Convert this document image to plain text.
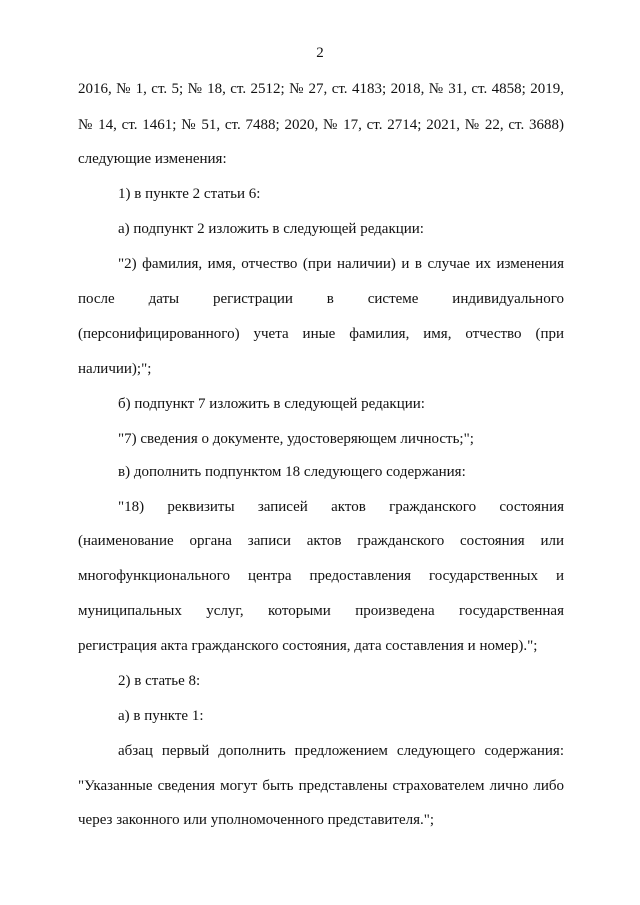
2
2016, № 1, ст. 5; № 18, ст. 2512; № 27, ст. 4183; 2018, № 31, ст. 4858; 2019,
№ 14, ст. 1461; № 51, ст. 7488; 2020, № 17, ст. 2714; 2021, № 22, ст. 3688)
следующие изменения:
1) в пункте 2 статьи 6:
а) подпункт 2 изложить в следующей редакции:
"2) фамилия, имя, отчество (при наличии) и в случае их изменения
после даты регистрации в системе индивидуального
(персонифицированного) учета иные фамилия, имя, отчество (при
наличии);";
б) подпункт 7 изложить в следующей редакции:
"7) сведения о документе, удостоверяющем личность;";
в) дополнить подпунктом 18 следующего содержания:
"18) реквизиты записей актов гражданского состояния
(наименование органа записи актов гражданского состояния или
многофункционального центра предоставления государственных и
муниципальных услуг, которыми произведена государственная
регистрация акта гражданского состояния, дата составления и номер).";
2) в статье 8:
а) в пункте 1:
абзац первый дополнить предложением следующего содержания:
"Указанные сведения могут быть представлены страхователем лично либо
через законного или уполномоченного представителя.";
